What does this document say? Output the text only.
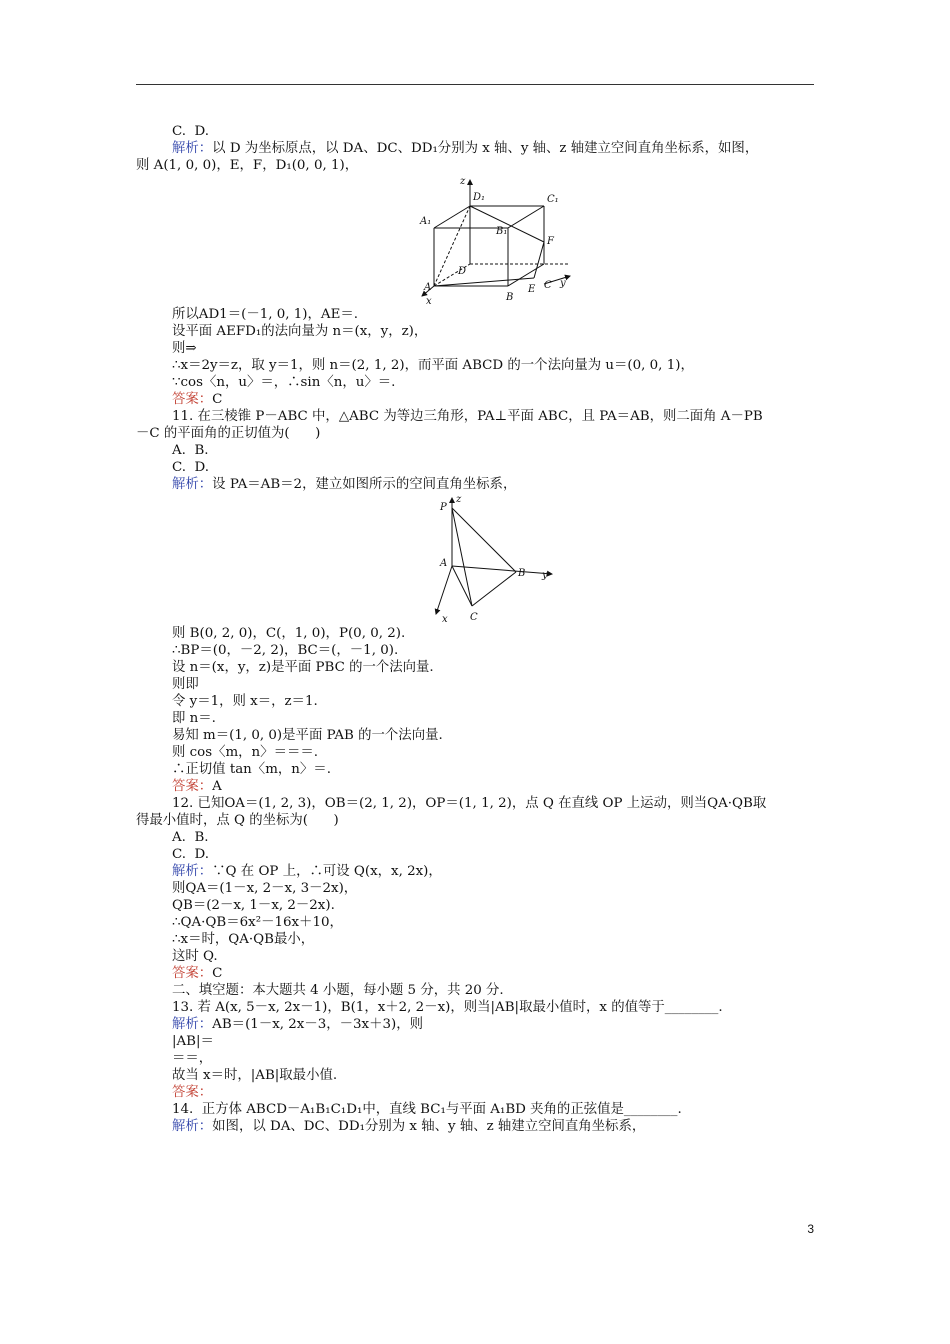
C.  D.
解析：以 D 为坐标原点，以 DA、DC、DD₁分别为 x 轴、y 轴、z 轴建立空间直角坐标系，如图，
则 A(1, 0, 0)，E，F，D₁(0, 0, 1)，
z
D₁	C₁
A₁
B₁
F
D
A
x	B
E C y
所以AD1＝(－1, 0, 1)，AE＝.
设平面 AEFD₁的法向量为 n＝(x，y，z)，
则⇒
∴x＝2y＝z，取 y＝1，则 n＝(2, 1, 2)，而平面 ABCD 的一个法向量为 u＝(0, 0, 1)，
∵cos〈n，u〉＝，∴sin〈n，u〉＝.
答案：C
11. 在三棱锥 P－ABC 中，△ABC 为等边三角形，PA⊥平面 ABC，且 PA＝AB，则二面角 A－PB
－C 的平面角的正切值为(      )
A.  B.
C.  D.
解析：设 PA＝AB＝2，建立如图所示的空间直角坐标系，
P
z
A
B y
x C
则 B(0, 2, 0)，C(，1, 0)，P(0, 0, 2).
∴BP＝(0，－2, 2)，BC＝(，－1, 0).
设 n＝(x，y，z)是平面 PBC 的一个法向量.
则即
令 y＝1，则 x＝，z＝1.
即 n＝.
易知 m＝(1, 0, 0)是平面 PAB 的一个法向量.
则 cos〈m，n〉＝＝＝.
∴正切值 tan〈m，n〉＝.
答案：A
12. 已知OA＝(1, 2, 3)，OB＝(2, 1, 2)，OP＝(1, 1, 2)，点 Q 在直线 OP 上运动，则当QA·QB取
得最小值时，点 Q 的坐标为(      )
A.  B.
C.  D.
解析：∵Q 在 OP 上，∴可设 Q(x，x, 2x)，
则QA＝(1－x, 2－x, 3－2x)，
QB＝(2－x, 1－x, 2－2x).
∴QA·QB＝6x²－16x＋10，
∴x＝时，QA·QB最小，
这时 Q.
答案：C
二、填空题：本大题共 4 小题，每小题 5 分，共 20 分.
13. 若 A(x, 5－x, 2x－1)，B(1，x＋2, 2－x)，则当|AB|取最小值时，x 的值等于________.
解析：AB＝(1－x, 2x－3，－3x＋3)，则
|AB|＝
＝＝，
故当 x＝时，|AB|取最小值.
答案：
14.  正方体 ABCD－A₁B₁C₁D₁中，直线 BC₁与平面 A₁BD 夹角的正弦值是________.
解析：如图，以 DA、DC、DD₁分别为 x 轴、y 轴、z 轴建立空间直角坐标系，
3
